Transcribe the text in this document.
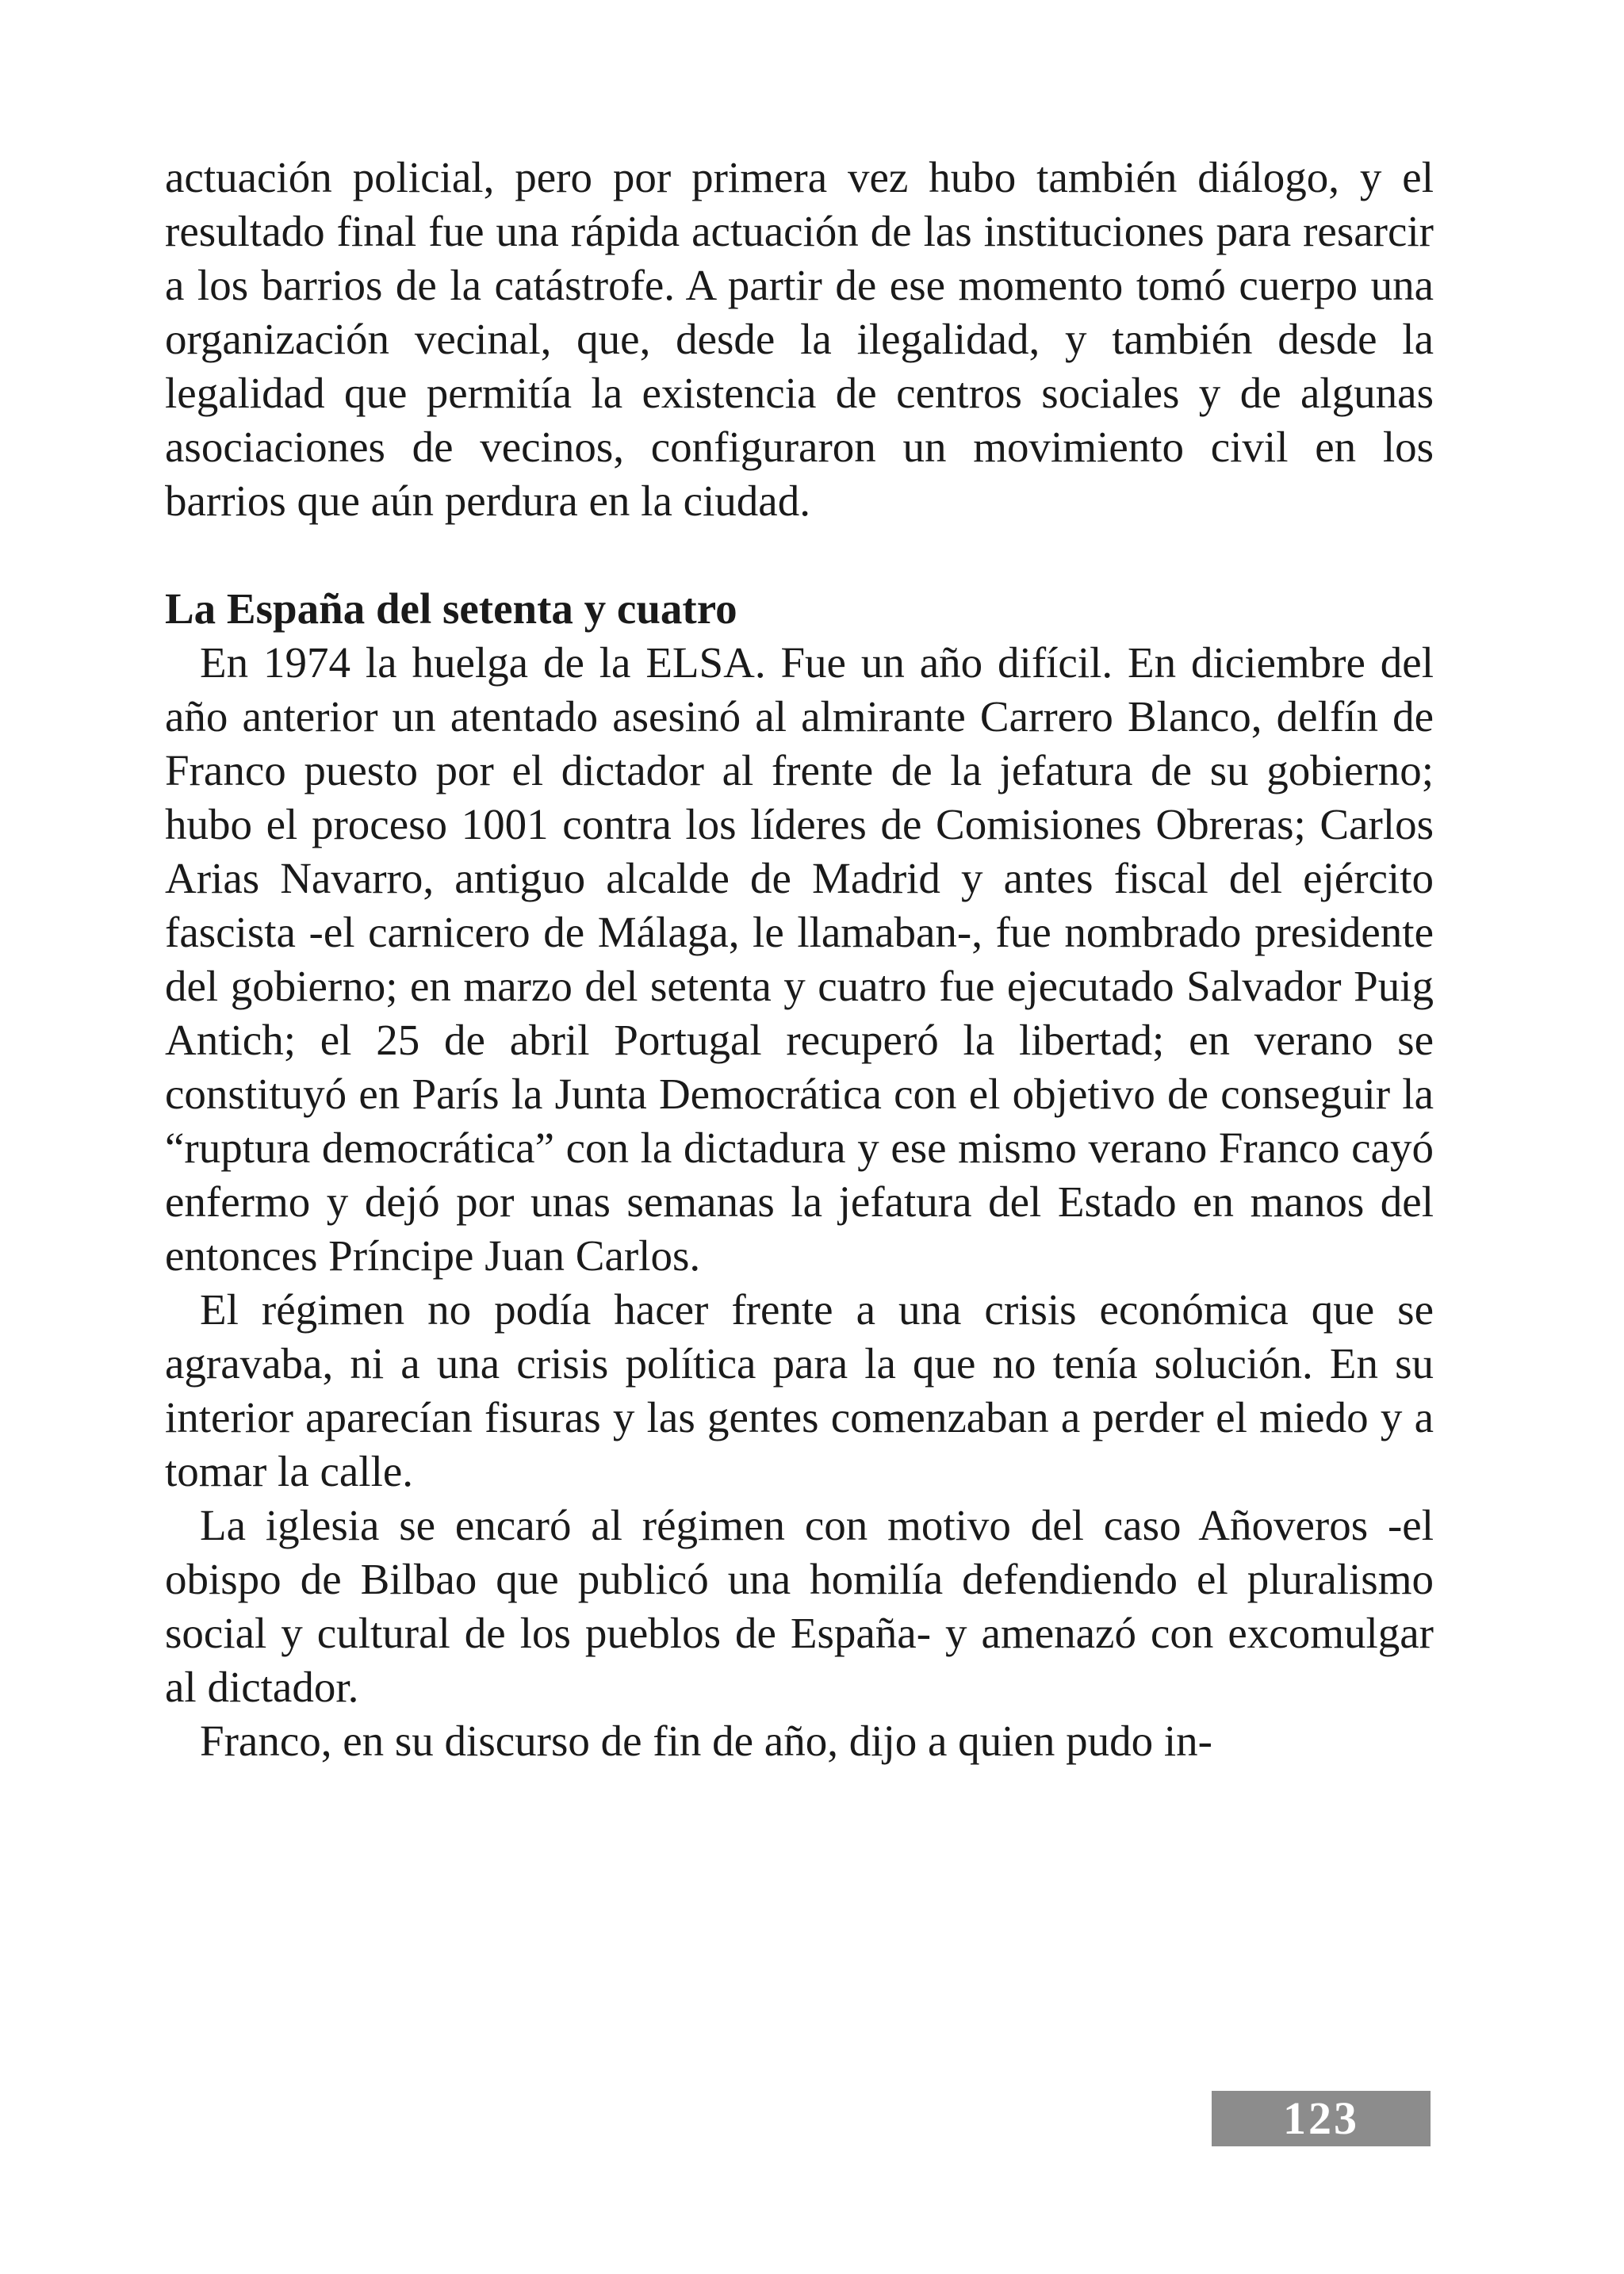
actuación policial, pero por primera vez hubo también diálogo, y el resultado final fue una rápida actuación de las instituciones para resarcir a los barrios de la catástrofe. A partir de ese momento tomó cuerpo una organización vecinal, que, desde la ilegalidad, y también desde la legalidad que permitía la existencia de centros sociales y de algunas asociaciones de vecinos, configuraron un movimiento civil en los barrios que aún perdura en la ciudad.

La España del setenta y cuatro

En 1974 la huelga de la ELSA. Fue un año difícil. En diciembre del año anterior un atentado asesinó al almirante Carrero Blanco, delfín de Franco puesto por el dictador al frente de la jefatura de su gobierno; hubo el proceso 1001 contra los líderes de Comisiones Obreras; Carlos Arias Navarro, antiguo alcalde de Madrid y antes fiscal del ejército fascista -el carnicero de Málaga, le llamaban-, fue nombrado presidente del gobierno; en marzo del setenta y cuatro fue ejecutado Salvador Puig Antich; el 25 de abril Portugal recuperó la libertad; en verano se constituyó en París la Junta Democrática con el objetivo de conseguir la “ruptura democrática” con la dictadura y ese mismo verano Franco cayó enfermo y dejó por unas semanas la jefatura del Estado en manos del entonces Príncipe Juan Carlos.

El régimen no podía hacer frente a una crisis económica que se agravaba, ni a una crisis política para la que no tenía solución. En su interior aparecían fisuras y las gentes comenzaban a perder el miedo y a tomar la calle.

La iglesia se encaró al régimen con motivo del caso Añoveros -el obispo de Bilbao que publicó una homilía defendiendo el pluralismo social y cultural de los pueblos de España- y amenazó con excomulgar al dictador.

Franco, en su discurso de fin de año, dijo a quien pudo in-

123
